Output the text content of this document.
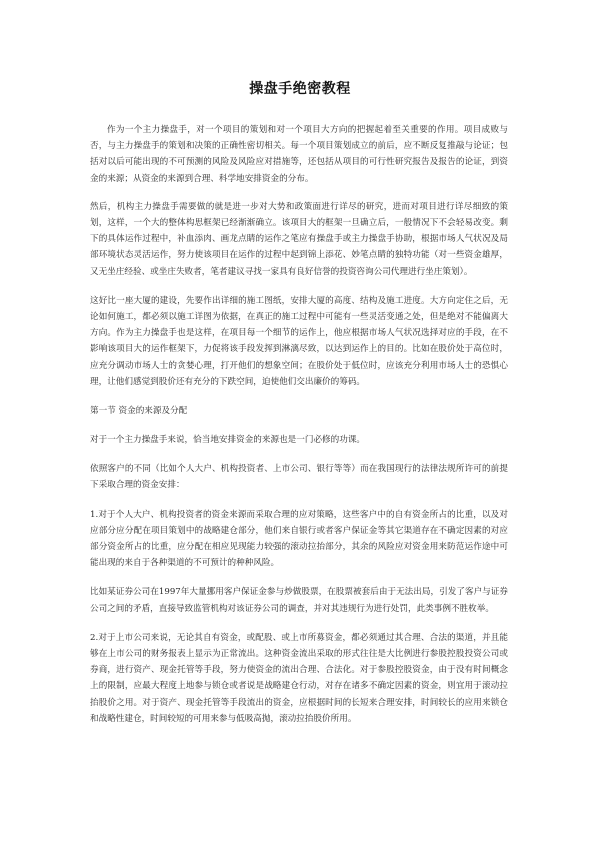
操盘手绝密教程

作为一个主力操盘手，对一个项目的策划和对一个项目大方向的把握起着至关重要的作用。项目成败与否，与主力操盘手的策划和决策的正确性密切相关。每一个项目策划成立的前后，应不断反复推敲与论证；包括对以后可能出现的不可预测的风险及风险应对措施等，还包括从项目的可行性研究报告及报告的论证，到资金的来源；从资金的来源到合理、科学地安排资金的分布。

然后，机构主力操盘手需要做的就是进一步对大势和政策面进行详尽的研究，进而对项目进行详尽细致的策划，这样，一个大的整体构思框架已经渐渐确立。该项目大的框架一旦确立后，一般情况下不会轻易改变。剩下的具体运作过程中，补血添肉、画龙点睛的运作之笔应有操盘手或主力操盘手协助，根据市场人气状况及局部环境状态灵活运作，努力使该项目在运作的过程中起到锦上添花、妙笔点睛的独特功能（对一些资金雄厚，又无坐庄经验、或坐庄失败者，笔者建议寻找一家具有良好信誉的投资咨询公司代理进行坐庄策划）。

这好比一座大厦的建设，先要作出详细的施工图纸，安排大厦的高度、结构及施工进度。大方向定住之后，无论如何施工，都必须以施工详图为依据，在真正的施工过程中可能有一些灵活变通之处，但是绝对不能偏离大方向。作为主力操盘手也是这样，在项目每一个细节的运作上，他应根据市场人气状况选择对应的手段，在不影响该项目大的运作框架下，力促将该手段发挥到淋漓尽致，以达到运作上的目的。比如在股价处于高位时，应充分调动市场人士的贪婪心理，打开他们的想象空间；在股价处于低位时，应该充分利用市场人士的恐惧心理，让他们感觉到股价还有充分的下跌空间，迫使他们交出廉价的筹码。

第一节 资金的来源及分配

对于一个主力操盘手来说，恰当地安排资金的来源也是一门必修的功课。

依照客户的不同（比如个人大户、机构投资者、上市公司、银行等等）而在我国现行的法律法规所许可的前提下采取合理的资金安排：

1.对于个人大户、机构投资者的资金来源而采取合理的应对策略，这些客户中的自有资金所占的比重，以及对应部分应分配在项目策划中的战略建仓部分，他们来自银行或者客户保证金等其它渠道存在不确定因素的对应部分资金所占的比重，应分配在相应见现能力较强的滚动拉抬部分，其余的风险应对资金用来防范运作途中可能出现的来自于各种渠道的不可预计的种种风险。

比如某证券公司在1997年大量挪用客户保证金参与炒做股票，在股票被套后由于无法出局，引发了客户与证券公司之间的矛盾，直接导致监管机构对该证券公司的调查，并对其违规行为进行处罚，此类事例不胜枚举。

2.对于上市公司来说，无论其自有资金，或配股、或上市所募资金，都必须通过其合理、合法的渠道，并且能够在上市公司的财务报表上显示为正常流出。这种资金流出采取的形式往往是大比例进行参股控股投资公司或券商，进行资产、现金托管等手段，努力使资金的流出合理、合法化。对于参股控股资金，由于没有时间概念上的限制，应最大程度上地参与锁仓或者说是战略建仓行动，对存在诸多不确定因素的资金，则宜用于滚动拉抬股价之用。对于资产、现金托管等手段流出的资金，应根据时间的长短来合理安排，时间较长的应用来锁仓和战略性建仓，时间较短的可用来参与低吸高抛，滚动拉抬股价所用。
